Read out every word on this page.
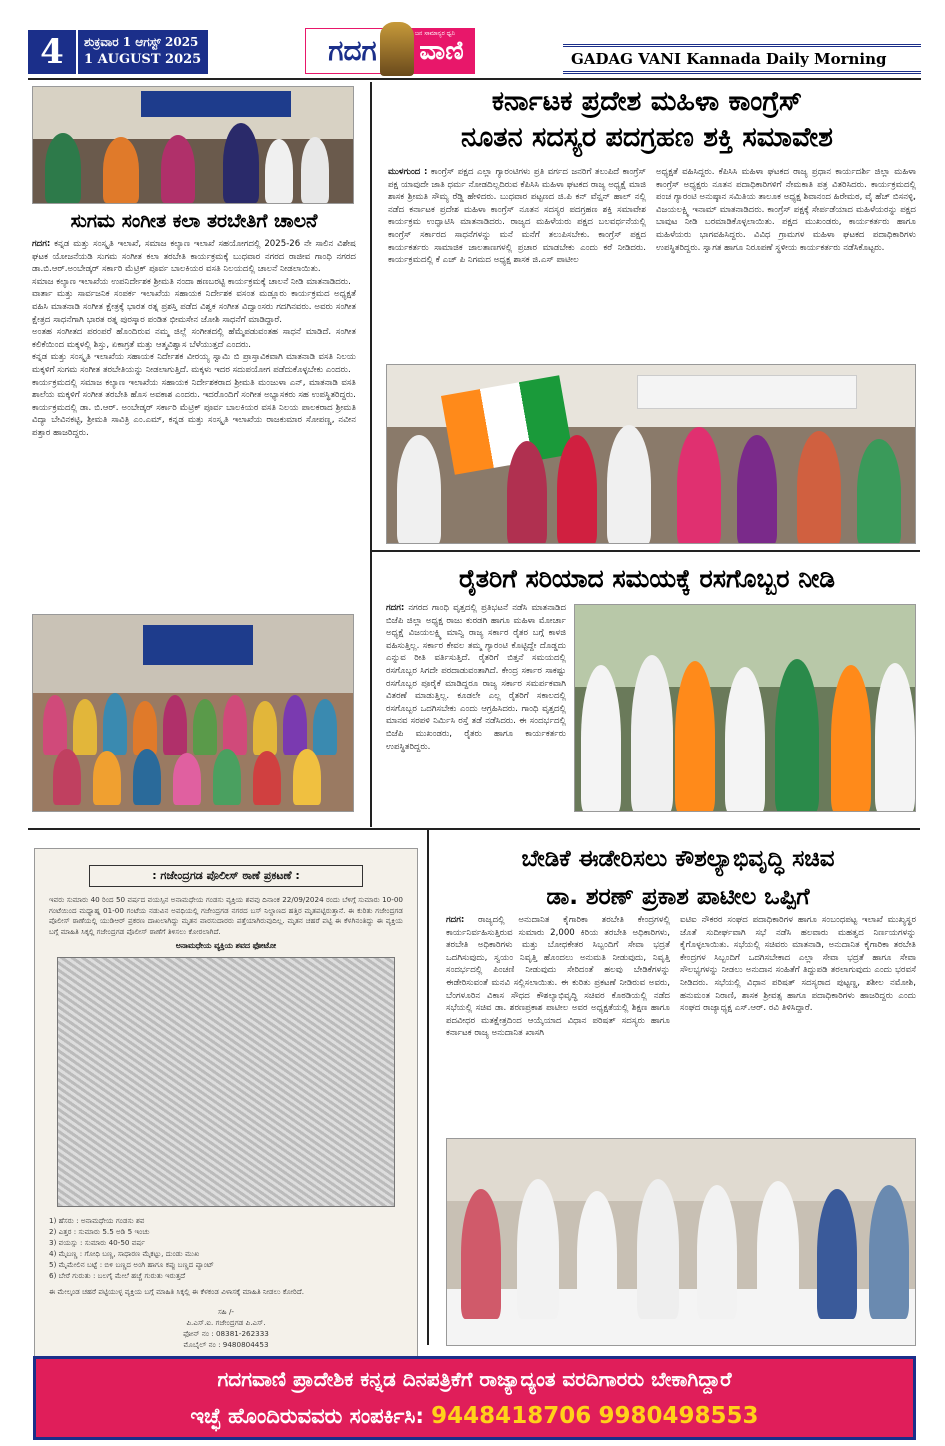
4	ಶುಕ್ರವಾರ 1 ಆಗಸ್ಟ್ 2025
1 AUGUST 2025	ಗದಗ	ವಾಣಿ
ಜನ ಸಾಮಾನ್ಯರ ಧ್ವನಿ
GADAG VANI Kannada Daily Morning
ಸುಗಮ ಸಂಗೀತ ಕಲಾ ತರಬೇತಿಗೆ ಚಾಲನೆ

ಗದಗ: ಕನ್ನಡ ಮತ್ತು ಸಂಸ್ಕೃತಿ ಇಲಾಖೆ, ಸಮಾಜ ಕಲ್ಯಾಣ ಇಲಾಖೆ ಸಹಯೋಗದಲ್ಲಿ 2025-26 ನೇ ಸಾಲಿನ ವಿಶೇಷ ಘಟಕ ಯೋಜನೆಯಡಿ ಸುಗಮ ಸಂಗೀತ ಕಲಾ ತರಬೇತಿ ಕಾರ್ಯಕ್ರಮಕ್ಕೆ ಬುಧವಾರ ನಗರದ ರಾಜೀವ ಗಾಂಧಿ ನಗರದ ಡಾ.ಬಿ.ಆರ್.ಅಂಬೇಡ್ಕರ್ ಸರ್ಕಾರಿ ಮೆಟ್ರಿಕ್ ಪೂರ್ವ ಬಾಲಕಿಯರ ವಸತಿ ನಿಲಯದಲ್ಲಿ ಚಾಲನೆ ನೀಡಲಾಯಿತು.

ಸಮಾಜ ಕಲ್ಯಾಣ ಇಲಾಖೆಯ ಉಪನಿರ್ದೇಶಕ ಶ್ರೀಮತಿ ನಂದಾ ಹಣಬರಟ್ಟಿ ಕಾರ್ಯಕ್ರಮಕ್ಕೆ ಚಾಲನೆ ನೀಡಿ ಮಾತನಾಡಿದರು.

ವಾರ್ತಾ ಮತ್ತು ಸಾರ್ವಜನಿಕ ಸಂಪರ್ಕ ಇಲಾಖೆಯ ಸಹಾಯಕ ನಿರ್ದೇಶಕ ವಸಂತ ಮಡ್ಲೂರು ಕಾರ್ಯಕ್ರಮದ ಅಧ್ಯಕ್ಷತೆ ವಹಿಸಿ ಮಾತನಾಡಿ ಸಂಗೀತ ಕ್ಷೇತ್ರಕ್ಕೆ ಭಾರತ ರತ್ನ ಪ್ರಶಸ್ತಿ ಪಡೆದ ವಿಶ್ವಕ ಸಂಗೀತ ವಿದ್ವಾಂಸರು ಗದಗಿನವರು. ಅವರು ಸಂಗೀತ ಕ್ಷೇತ್ರದ ಸಾಧನೆಗಾಗಿ ಭಾರತ ರತ್ನ ಪುರಸ್ಕಾರ ಪಂಡಿತ ಭೀಮಸೇನ ಜೋಶಿ ಸಾಧನೆಗೆ ಮಾಡಿದ್ದಾರೆ.

ಅಂತಹ ಸಂಗೀತದ ಪರಂಪರೆ ಹೊಂದಿರುವ ನಮ್ಮ ಜಿಲ್ಲೆ ಸಂಗೀತದಲ್ಲಿ ಹೆಮ್ಮೆಪಡುವಂತಹ ಸಾಧನೆ ಮಾಡಿದೆ. ಸಂಗೀತ ಕಲಿಕೆಯಿಂದ ಮಕ್ಕಳಲ್ಲಿ ಶಿಸ್ತು, ಏಕಾಗ್ರತೆ ಮತ್ತು ಆತ್ಮವಿಶ್ವಾಸ ಬೆಳೆಯುತ್ತದೆ ಎಂದರು.

ಕನ್ನಡ ಮತ್ತು ಸಂಸ್ಕೃತಿ ಇಲಾಖೆಯ ಸಹಾಯಕ ನಿರ್ದೇಶಕ ವೀರಯ್ಯ ಸ್ವಾಮಿ ಬಿ ಪ್ರಾಸ್ತಾವಿಕವಾಗಿ ಮಾತನಾಡಿ ವಸತಿ ನಿಲಯ ಮಕ್ಕಳಿಗೆ ಸುಗಮ ಸಂಗೀತ ತರಬೇತಿಯನ್ನು ನೀಡಲಾಗುತ್ತಿದೆ. ಮಕ್ಕಳು ಇದರ ಸದುಪಯೋಗ ಪಡೆದುಕೊಳ್ಳಬೇಕು ಎಂದರು.

ಕಾರ್ಯಕ್ರಮದಲ್ಲಿ ಸಮಾಜ ಕಲ್ಯಾಣ ಇಲಾಖೆಯ ಸಹಾಯಕ ನಿರ್ದೇಶಕರಾದ ಶ್ರೀಮತಿ ಮಂಜುಳಾ ಎನ್, ಮಾತನಾಡಿ ವಸತಿ ಶಾಲೆಯ ಮಕ್ಕಳಿಗೆ ಸಂಗೀತ ತರಬೇತಿ ಹೊಸ ಅವಕಾಶ ಎಂದರು. ಇದರೊಂದಿಗೆ ಸಂಗೀತ ಅಭ್ಯಾಸಕರು ಸಹ ಉಪಸ್ಥಿತರಿದ್ದರು.

ಕಾರ್ಯಕ್ರಮದಲ್ಲಿ ಡಾ. ಬಿ.ಆರ್. ಅಂಬೇಡ್ಕರ್ ಸರ್ಕಾರಿ ಮೆಟ್ರಿಕ್ ಪೂರ್ವ ಬಾಲಕಿಯರ ವಸತಿ ನಿಲಯ ಪಾಲಕರಾದ ಶ್ರೀಮತಿ ವಿದ್ಯಾ ಬೇವಿನಕಟ್ಟಿ, ಶ್ರೀಮತಿ ಸಾವಿತ್ರಿ ಎಂ.ಎಮ್, ಕನ್ನಡ ಮತ್ತು ಸಂಸ್ಕೃತಿ ಇಲಾಖೆಯ ರಾಜಕುಮಾರ ಸೋಪಣ್ಣ, ನವೀನ ಪತ್ತಾರ ಹಾಜರಿದ್ದರು.

ಕರ್ನಾಟಕ ಪ್ರದೇಶ ಮಹಿಳಾ ಕಾಂಗ್ರೆಸ್
ನೂತನ ಸದಸ್ಯರ ಪದಗ್ರಹಣ ಶಕ್ತಿ ಸಮಾವೇಶ
ಮುಳಗುಂದ : ಕಾಂಗ್ರೆಸ್ ಪಕ್ಷದ ಎಲ್ಲಾ ಗ್ಯಾರಂಟಿಗಳು ಪ್ರತಿ ವರ್ಗದ ಜನರಿಗೆ ತಲುಪಿದೆ ಕಾಂಗ್ರೆಸ್ ಪಕ್ಷ ಯಾವುದೇ ಜಾತಿ ಧರ್ಮ ನೋಡದಿಲ್ಲದಿರುವ ಕೆಪಿಸಿಸಿ ಮಹಿಳಾ ಘಟಕದ ರಾಜ್ಯ ಅಧ್ಯಕ್ಷೆ ಮಾಜಿ ಶಾಸಕ ಶ್ರೀಮತಿ ಸೌಮ್ಯ ರೆಡ್ಡಿ ಹೇಳಿದರು. ಬುಧವಾರ ಪಟ್ಟಣದ ಜಿ.ಪಿ ಕನ್ ವೆನ್ಷನ್ ಹಾಲ್ ನಲ್ಲಿ ನಡೆದ ಕರ್ನಾಟಕ ಪ್ರದೇಶ ಮಹಿಳಾ ಕಾಂಗ್ರೆಸ್ ನೂತನ ಸದಸ್ಯರ ಪದಗ್ರಹಣ ಶಕ್ತಿ ಸಮಾವೇಶ ಕಾರ್ಯಕ್ರಮ ಉದ್ಘಾಟಿಸಿ ಮಾತನಾಡಿದರು. ರಾಜ್ಯದ ಮಹಿಳೆಯರು ಪಕ್ಷದ ಬಲವರ್ಧನೆಯಲ್ಲಿ ಕಾಂಗ್ರೆಸ್ ಸರ್ಕಾರದ ಸಾಧನೆಗಳನ್ನು ಮನೆ ಮನೆಗೆ ತಲುಪಿಸಬೇಕು. ಕಾಂಗ್ರೆಸ್ ಪಕ್ಷದ ಕಾರ್ಯಕರ್ತರು ಸಾಮಾಜಿಕ ಜಾಲತಾಣಗಳಲ್ಲಿ ಪ್ರಚಾರ ಮಾಡಬೇಕು ಎಂದು ಕರೆ ನೀಡಿದರು. ಕಾರ್ಯಕ್ರಮದಲ್ಲಿ ಕೆ ಎಚ್ ಪಿ ನಿಗಮದ ಅಧ್ಯಕ್ಷ ಶಾಸಕ ಜಿ.ಎಸ್ ಪಾಟೀಲ
ಅಧ್ಯಕ್ಷತೆ ವಹಿಸಿದ್ದರು. ಕೆಪಿಸಿಸಿ ಮಹಿಳಾ ಘಟಕದ ರಾಜ್ಯ ಪ್ರಧಾನ ಕಾರ್ಯದರ್ಶಿ ಜಿಲ್ಲಾ ಮಹಿಳಾ ಕಾಂಗ್ರೆಸ್ ಅಧ್ಯಕ್ಷರು ನೂತನ ಪದಾಧಿಕಾರಿಗಳಿಗೆ ನೇಮಕಾತಿ ಪತ್ರ ವಿತರಿಸಿದರು. ಕಾರ್ಯಕ್ರಮದಲ್ಲಿ ಪಂಚ ಗ್ಯಾರಂಟಿ ಅನುಷ್ಠಾನ ಸಮಿತಿಯ ತಾಲೂಕ ಅಧ್ಯಕ್ಷ ಶಿವಾನಂದ ಹಿರೇಮಠ, ವೈ ಹೆಚ್ ಬಿಸನಳ್ಳಿ, ವಿಜಯಲಕ್ಷ್ಮಿ ಇನಾಮ್ ಮಾತನಾಡಿದರು. ಕಾಂಗ್ರೆಸ್ ಪಕ್ಷಕ್ಕೆ ಸೇರ್ಪಡೆಯಾದ ಮಹಿಳೆಯರನ್ನು ಪಕ್ಷದ ಬಾವುಟ ನೀಡಿ ಬರಮಾಡಿಕೊಳ್ಳಲಾಯಿತು. ಪಕ್ಷದ ಮುಖಂಡರು, ಕಾರ್ಯಕರ್ತರು ಹಾಗೂ ಮಹಿಳೆಯರು ಭಾಗವಹಿಸಿದ್ದರು. ವಿವಿಧ ಗ್ರಾಮಗಳ ಮಹಿಳಾ ಘಟಕದ ಪದಾಧಿಕಾರಿಗಳು ಉಪಸ್ಥಿತರಿದ್ದರು. ಸ್ವಾಗತ ಹಾಗೂ ನಿರೂಪಣೆ ಸ್ಥಳೀಯ ಕಾರ್ಯಕರ್ತರು ನಡೆಸಿಕೊಟ್ಟರು.
ರೈತರಿಗೆ ಸರಿಯಾದ ಸಮಯಕ್ಕೆ ರಸಗೊಬ್ಬರ ನೀಡಿ
ಗದಗ: ನಗರದ ಗಾಂಧಿ ವೃತ್ತದಲ್ಲಿ ಪ್ರತಿಭಟನೆ ನಡೆಸಿ ಮಾತನಾಡಿದ ಬಿಜೆಪಿ ಜಿಲ್ಲಾ ಅಧ್ಯಕ್ಷ ರಾಜು ಕುರಡಗಿ ಹಾಗೂ ಮಹಿಳಾ ಮೋರ್ಚಾ ಅಧ್ಯಕ್ಷೆ ವಿಜಯಲಕ್ಷ್ಮಿ ಮಾನ್ವಿ ರಾಜ್ಯ ಸರ್ಕಾರ ರೈತರ ಬಗ್ಗೆ ಕಾಳಜಿ ವಹಿಸುತ್ತಿಲ್ಲ. ಸರ್ಕಾರ ಕೇವಲ ತಮ್ಮ ಗ್ಯಾರಂಟಿ ಕೊಟ್ಟಿದ್ದೇ ದೊಡ್ಡದು ಎನ್ನುವ ರೀತಿ ವರ್ತಿಸುತ್ತಿದೆ. ರೈತರಿಗೆ ಬಿತ್ತನೆ ಸಮಯದಲ್ಲಿ ರಸಗೊಬ್ಬರ ಸಿಗದೇ ಪರದಾಡುವಂತಾಗಿದೆ. ಕೇಂದ್ರ ಸರ್ಕಾರ ಸಾಕಷ್ಟು ರಸಗೊಬ್ಬರ ಪೂರೈಕೆ ಮಾಡಿದ್ದರೂ ರಾಜ್ಯ ಸರ್ಕಾರ ಸಮರ್ಪಕವಾಗಿ ವಿತರಣೆ ಮಾಡುತ್ತಿಲ್ಲ. ಕೂಡಲೇ ಎಲ್ಲ ರೈತರಿಗೆ ಸಕಾಲದಲ್ಲಿ ರಸಗೊಬ್ಬರ ಒದಗಿಸಬೇಕು ಎಂದು ಆಗ್ರಹಿಸಿದರು. ಗಾಂಧಿ ವೃತ್ತದಲ್ಲಿ ಮಾನವ ಸರಪಳಿ ನಿರ್ಮಿಸಿ ರಸ್ತೆ ತಡೆ ನಡೆಸಿದರು. ಈ ಸಂದರ್ಭದಲ್ಲಿ ಬಿಜೆಪಿ ಮುಖಂಡರು, ರೈತರು ಹಾಗೂ ಕಾರ್ಯಕರ್ತರು ಉಪಸ್ಥಿತರಿದ್ದರು.
: ಗಜೇಂದ್ರಗಡ ಪೊಲೀಸ್ ಠಾಣೆ ಪ್ರಕಟಣೆ :
ಇವರು ಸುಮಾರು 40 ರಿಂದ 50 ವರ್ಷದ ವಯಸ್ಸಿನ ಅನಾಮಧೇಯ ಗಂಡಸು ವ್ಯಕ್ತಿಯ ಶವವು ದಿನಾಂಕ 22/09/2024 ರಂದು ಬೆಳಿಗ್ಗೆ ಸುಮಾರು 10-00 ಗಂಟೆಯಿಂದ ಮಧ್ಯಾಹ್ನ 01-00 ಗಂಟೆಯ ನಡುವಿನ ಅವಧಿಯಲ್ಲಿ ಗಜೇಂದ್ರಗಡ ನಗರದ ಬಸ್ ನಿಲ್ದಾಣದ ಹತ್ತಿರ ಮೃತಪಟ್ಟಿರುತ್ತಾನೆ. ಈ ಕುರಿತು ಗಜೇಂದ್ರಗಡ ಪೊಲೀಸ್ ಠಾಣೆಯಲ್ಲಿ ಯುಡಿಆರ್ ಪ್ರಕರಣ ದಾಖಲಾಗಿದ್ದು ಮೃತನ ವಾರಸುದಾರರು ಪತ್ತೆಯಾಗಿರುವುದಿಲ್ಲ. ಮೃತನ ಚಹರೆ ಪಟ್ಟಿ ಈ ಕೆಳಗಿನಂತಿದ್ದು ಈ ವ್ಯಕ್ತಿಯ ಬಗ್ಗೆ ಮಾಹಿತಿ ಸಿಕ್ಕಲ್ಲಿ ಗಜೇಂದ್ರಗಡ ಪೊಲೀಸ್ ಠಾಣೆಗೆ ತಿಳಿಸಲು ಕೋರಲಾಗಿದೆ.
ಅನಾಮಧೇಯ ವ್ಯಕ್ತಿಯ ಶವದ ಫೋಟೋ
1) ಹೆಸರು : ಅನಾಮಧೇಯ ಗಂಡಸು ಶವ
2) ಎತ್ತರ : ಸುಮಾರು 5.5 ಅಡಿ 5 ಇಂಚು
3) ವಯಸ್ಸು : ಸುಮಾರು 40-50 ವರ್ಷ
4) ಮೈಬಣ್ಣ : ಗೋಧಿ ಬಣ್ಣ, ಸಾಧಾರಣ ಮೈಕಟ್ಟು, ದುಂಡು ಮುಖ
5) ಮೈಮೇಲಿನ ಬಟ್ಟೆ : ಬಿಳಿ ಬಣ್ಣದ ಅಂಗಿ ಹಾಗೂ ಕಪ್ಪು ಬಣ್ಣದ ಪ್ಯಾಂಟ್
6) ಬೇರೆ ಗುರುತು : ಬಲಗೈ ಮೇಲೆ ಹಚ್ಚೆ ಗುರುತು ಇರುತ್ತದೆ
ಈ ಮೇಲ್ಕಂಡ ಚಹರೆ ಪಟ್ಟಿಯುಳ್ಳ ವ್ಯಕ್ತಿಯ ಬಗ್ಗೆ ಮಾಹಿತಿ ಸಿಕ್ಕಲ್ಲಿ ಈ ಕೆಳಕಂಡ ವಿಳಾಸಕ್ಕೆ ಮಾಹಿತಿ ನೀಡಲು ಕೋರಿದೆ.
ಸಹಿ /-
ಪಿ.ಎಸ್.ಐ. ಗಜೇಂದ್ರಗಡ ಪಿ.ಎಸ್.
ಫೋನ್ ನಂ : 08381-262333
ಮೊಬೈಲ್ ನಂ : 9480804453
ಬೇಡಿಕೆ ಈಡೇರಿಸಲು ಕೌಶಲ್ಯಾಭಿವೃದ್ಧಿ ಸಚಿವ
ಡಾ. ಶರಣ್ ಪ್ರಕಾಶ ಪಾಟೀಲ ಒಪ್ಪಿಗೆ
ಗದಗ: ರಾಜ್ಯದಲ್ಲಿ ಅನುದಾನಿತ ಕೈಗಾರಿಕಾ ತರಬೇತಿ ಕೇಂದ್ರಗಳಲ್ಲಿ ಕಾರ್ಯನಿರ್ವಹಿಸುತ್ತಿರುವ ಸುಮಾರು 2,000 ಕಿರಿಯ ತರಬೇತಿ ಅಧಿಕಾರಿಗಳು, ತರಬೇತಿ ಅಧಿಕಾರಿಗಳು ಮತ್ತು ಬೋಧಕೇತರ ಸಿಬ್ಬಂದಿಗೆ ಸೇವಾ ಭದ್ರತೆ ಒದಗಿಸುವುದು, ಸ್ವಯಂ ನಿವೃತ್ತಿ ಹೊಂದಲು ಅನುಮತಿ ನೀಡುವುದು, ನಿವೃತ್ತಿ ಸಂದರ್ಭದಲ್ಲಿ ಪಿಂಚಣಿ ನೀಡುವುದು ಸೇರಿದಂತೆ ಹಲವು ಬೇಡಿಕೆಗಳನ್ನು ಈಡೇರಿಸುವಂತೆ ಮನವಿ ಸಲ್ಲಿಸಲಾಯಿತು. ಈ ಕುರಿತು ಪ್ರಕಟಣೆ ನೀಡಿರುವ ಅವರು, ಬೆಂಗಳೂರಿನ ವಿಕಾಸ ಸೌಧದ ಕೌಶಲ್ಯಾಭಿವೃದ್ಧಿ ಸಚಿವರ ಕೊಠಡಿಯಲ್ಲಿ ನಡೆದ ಸಭೆಯಲ್ಲಿ ಸಚಿವ ಡಾ. ಶರಣಪ್ರಕಾಶ ಪಾಟೀಲ ಅವರ ಅಧ್ಯಕ್ಷತೆಯಲ್ಲಿ ಶಿಕ್ಷಣ ಹಾಗೂ ಪದವೀಧರ ಮತಕ್ಷೇತ್ರದಿಂದ ಆಯ್ಕೆಯಾದ ವಿಧಾನ ಪರಿಷತ್ ಸದಸ್ಯರು ಹಾಗೂ ಕರ್ನಾಟಕ ರಾಜ್ಯ ಅನುದಾನಿತ ಖಾಸಗಿ
ಐಟಿಐ ನೌಕರರ ಸಂಘದ ಪದಾಧಿಕಾರಿಗಳ ಹಾಗೂ ಸಂಬಂಧಪಟ್ಟ ಇಲಾಖೆ ಮುಖ್ಯಸ್ಥರ ಜೊತೆ ಸುದೀರ್ಘವಾಗಿ ಸಭೆ ನಡೆಸಿ ಹಲವಾರು ಮಹತ್ವದ ನಿರ್ಣಯಗಳನ್ನು ಕೈಗೊಳ್ಳಲಾಯಿತು. ಸಭೆಯಲ್ಲಿ ಸಚಿವರು ಮಾತನಾಡಿ, ಅನುದಾನಿತ ಕೈಗಾರಿಕಾ ತರಬೇತಿ ಕೇಂದ್ರಗಳ ಸಿಬ್ಬಂದಿಗೆ ಒದಗಿಸಬೇಕಾದ ಎಲ್ಲಾ ಸೇವಾ ಭದ್ರತೆ ಹಾಗೂ ಸೇವಾ ಸೌಲಭ್ಯಗಳನ್ನು ನೀಡಲು ಅನುದಾನ ಸಂಹಿತೆಗೆ ತಿದ್ದುಪಡಿ ತರಲಾಗುವುದು ಎಂದು ಭರವಸೆ ನೀಡಿದರು. ಸಭೆಯಲ್ಲಿ ವಿಧಾನ ಪರಿಷತ್ ಸದಸ್ಯರಾದ ಪುಟ್ಟಣ್ಣ, ಶಶೀಲ ನಮೋಶಿ, ಹನುಮಂತ ನಿರಾಣಿ, ಶಾಸಕ ಶ್ರೀವತ್ಸ ಹಾಗೂ ಪದಾಧಿಕಾರಿಗಳು ಹಾಜರಿದ್ದರು ಎಂದು ಸಂಘದ ರಾಜ್ಯಾಧ್ಯಕ್ಷ ಎಸ್.ಆರ್. ರವಿ ತಿಳಿಸಿದ್ದಾರೆ.
ಗದಗವಾಣಿ ಪ್ರಾದೇಶಿಕ ಕನ್ನಡ ದಿನಪತ್ರಿಕೆಗೆ ರಾಜ್ಯಾದ್ಯಂತ ವರದಿಗಾರರು ಬೇಕಾಗಿದ್ದಾರೆ
ಇಚ್ಛೆ ಹೊಂದಿರುವವರು ಸಂಪರ್ಕಿಸಿ: 9448418706 9980498553
